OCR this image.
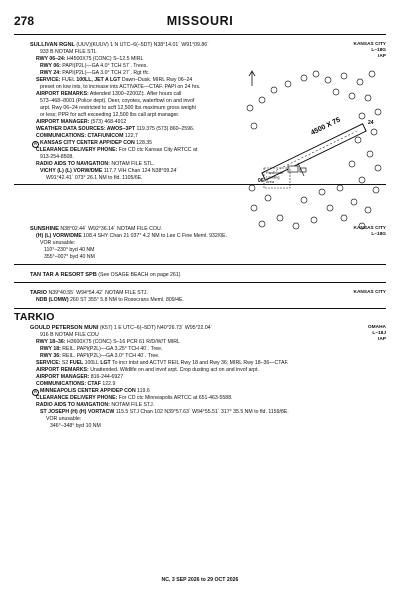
278	MISSOURI
SULLIVAN RGNL (UUV)(KUUV) 1 N UTC–6(–5DT) N38°14.01´ W91°09.86´	KANSAS CITY
L–18G
IAP
933 B NOTAM FILE STL
RWY 06–24: H4500X75 (CONC) S–12.5 MIRL
RWY 06: PAPI(P2L)—GA 4.0° TCH 57´. Trees.
RWY 24: PAPI(P2L)—GA 3.0° TCH 27´. Rgt tfc.
SERVICE: FUEL 100LL, JET A LGT Dawn–Dusk. MIRL Rwy 06–24
preset on low ints, to increase ints ACTIVATE—CTAF. PAPI on 24 hrs.
AIRPORT REMARKS: Attended 1300–2200Z‡. After hours call
573–468–8001 (Police dept). Deer, coyotes, waterfowl on and invof
arpt. Rwy 06–24 restricted to acft 12,500 lbs maximum gross weight
or less; PPR for acft exceeding 12,500 lbs call arpt manager.
AIRPORT MANAGER: (573) 468-4912
WEATHER DATA SOURCES: AWOS–3PT 119.375 (573) 860–2596.
COMMUNICATIONS: CTAF/UNICOM 122.7
R KANSAS CITY CENTER APP/DEP CON 128.35
CLEARANCE DELIVERY PHONE: For CD ctc Kansas City ARTCC at
913-254-8508.
RADIO AIDS TO NAVIGATION: NOTAM FILE STL.
VICHY (L) (L) VORW/DME 117.7 VIH Chan 124 N38°09.24´
W91°42.41´ 073° 26.1 NM to fld. 1105/6E.
4500 X 75
06
24
Parachute Landing Area
SUNSHINE N38°02.44´ W92°36.14´ NOTAM FILE COU.	KANSAS CITY
L–18G
(H) (L) VORW/DME 108.4 SHY Chan 21 037° 4.2 NM to Lee C Fine Meml. 932/0E.
VOR unusable:
110°–230° byd 40 NM
355°–007° byd 40 NM
TAN TAR A RESORT SPB (See OSAGE BEACH on page 261)
TARIO N39°40.55´ W94°54.42´ NOTAM FILE STJ.	KANSAS CITY
NDB (LOMW) 260 ST 355° 5.8 NM to Rosecrans Meml. 809/4E.
TARKIO
GOULD PETERSON MUNI (K57) 1 E UTC–6(–5DT) N40°26.73´ W95°22.04´	OMAHA
L–18J
IAP
916 B NOTAM FILE COU
RWY 18–36: H3600X75 (CONC) S–16 PCR 61 R/D/W/T MIRL
RWY 18: REIL. PAPI(P2L)—GA 3.25° TCH 40´. Tree.
RWY 36: REIL. PAPI(P2L)—GA 3.0° TCH 40´. Tree.
SERVICE: S2 FUEL 100LL LGT To incr intst and ACTVT REIL Rwy 18 and Rwy 36; MIRL Rwy 18–36—CTAF.
AIRPORT REMARKS: Unattended. Wildlife on and invof arpt. Crop dusting act on and invof arpt.
AIRPORT MANAGER: 816-244-6927
COMMUNICATIONS: CTAF 122.9
R MINNEAPOLIS CENTER APP/DEP CON 119.6
CLEARANCE DELIVERY PHONE: For CD ctc Minneapolis ARTCC at 651-463-5588.
RADIO AIDS TO NAVIGATION: NOTAM FILE STJ.
ST JOSEPH (H) (H) VORTACW 115.5 STJ Chan 102 N39°57.63´ W94°55.51´ 317° 35.5 NM to fld. 1159/8E.
VOR unusable:
346°–348° byd 10 NM
NC, 3 SEP 2026 to 29 OCT 2026
